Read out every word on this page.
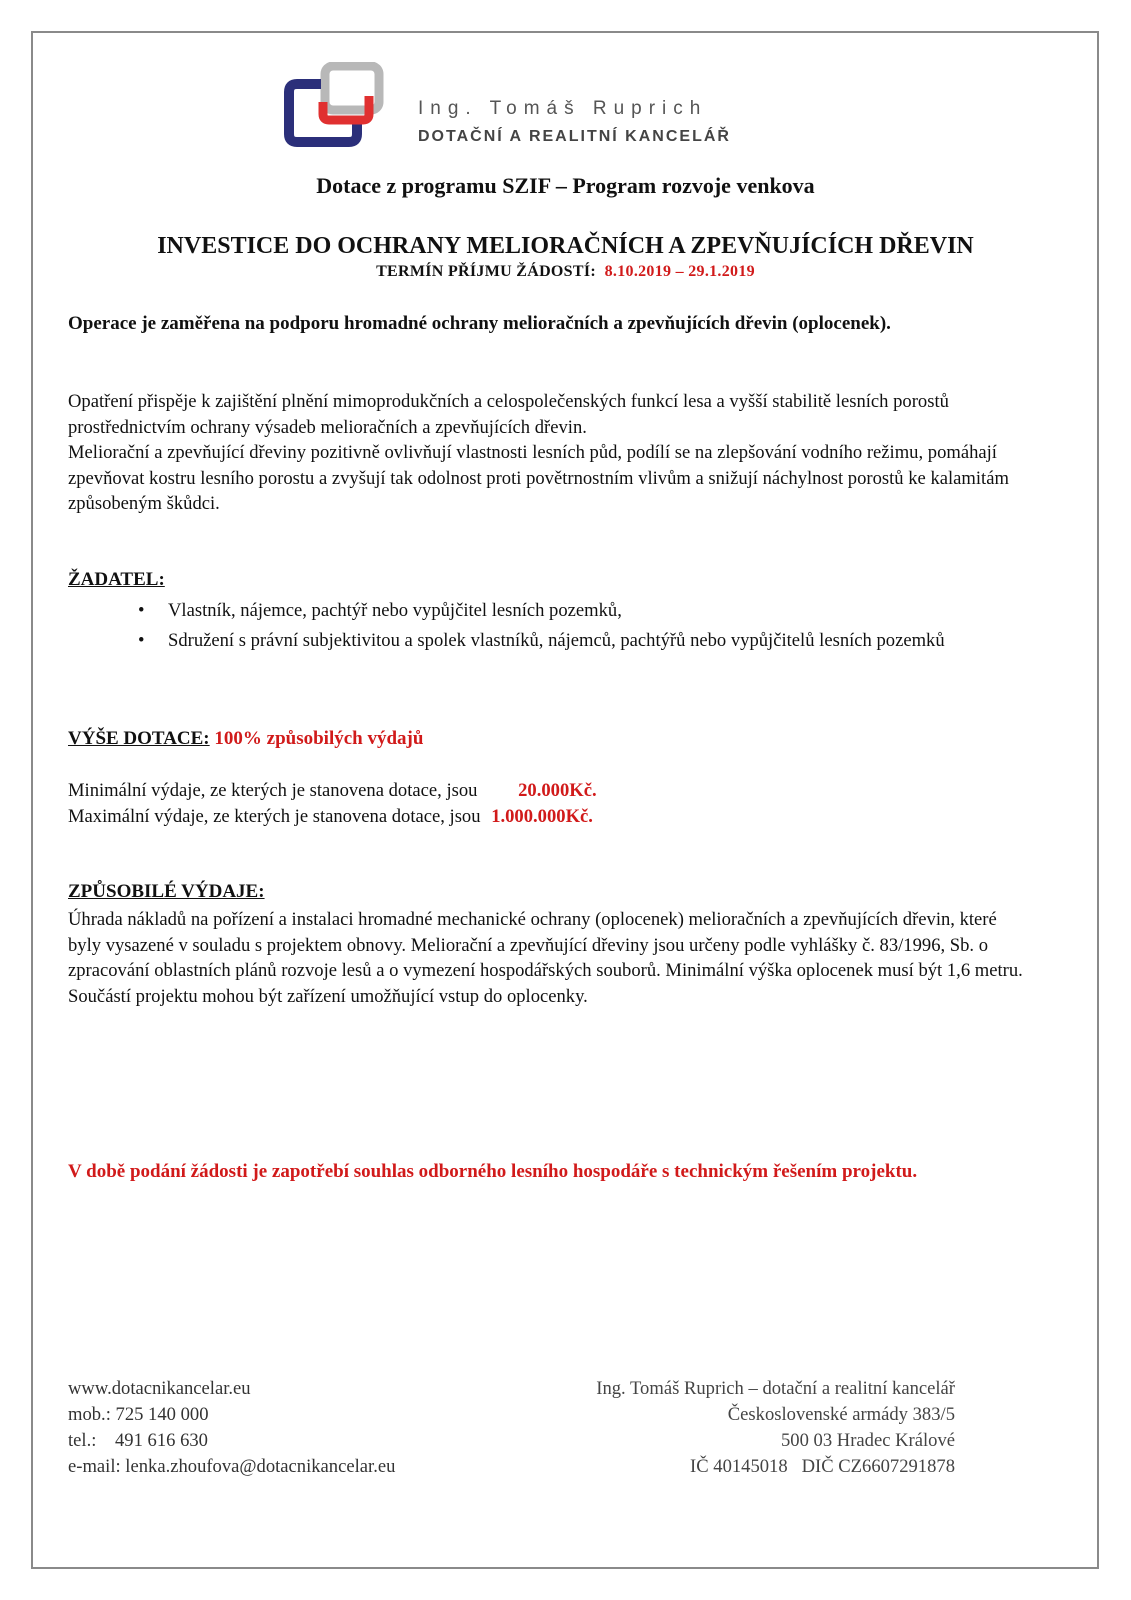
Ing. Tomáš Ruprich
DOTAČNÍ A REALITNÍ KANCELÁŘ
Dotace z programu SZIF – Program rozvoje venkova
INVESTICE DO OCHRANY MELIORAČNÍCH A ZPEVŇUJÍCÍCH DŘEVIN
TERMÍN PŘÍJMU ŽÁDOSTÍ: 8.10.2019 – 29.1.2019
Operace je zaměřena na podporu hromadné ochrany melioračních a zpevňujících dřevin (oplocenek).

Opatření přispěje k zajištění plnění mimoprodukčních a celospolečenských funkcí lesa a vyšší stabilitě lesních porostů prostřednictvím ochrany výsadeb melioračních a zpevňujících dřevin.

Meliorační a zpevňující dřeviny pozitivně ovlivňují vlastnosti lesních půd, podílí se na zlepšování vodního režimu, pomáhají zpevňovat kostru lesního porostu a zvyšují tak odolnost proti povětrnostním vlivům a snižují náchylnost porostů ke kalamitám způsobeným škůdci.

ŽADATEL:
• Vlastník, nájemce, pachtýř nebo vypůjčitel lesních pozemků,
• Sdružení s právní subjektivitou a spolek vlastníků, nájemců, pachtýřů nebo vypůjčitelů lesních pozemků
VÝŠE DOTACE: 100% způsobilých výdajů
Minimální výdaje, ze kterých je stanovena dotace, jsou 20.000Kč.
Maximální výdaje, ze kterých je stanovena dotace, jsou 1.000.000Kč.
ZPŮSOBILÉ VÝDAJE:
Úhrada nákladů na pořízení a instalaci hromadné mechanické ochrany (oplocenek) melioračních a zpevňujících dřevin, které byly vysazené v souladu s projektem obnovy. Meliorační a zpevňující dřeviny jsou určeny podle vyhlášky č. 83/1996, Sb. o zpracování oblastních plánů rozvoje lesů a o vymezení hospodářských souborů. Minimální výška oplocenek musí být 1,6 metru. Součástí projektu mohou být zařízení umožňující vstup do oplocenky.
V době podání žádosti je zapotřebí souhlas odborného lesního hospodáře s technickým řešením projektu.
www.dotacnikancelar.eu
mob.: 725 140 000
tel.:    491 616 630
e-mail: lenka.zhoufova@dotacnikancelar.eu
Ing. Tomáš Ruprich – dotační a realitní kancelář
Československé armády 383/5
500 03 Hradec Králové
IČ 40145018   DIČ CZ6607291878
